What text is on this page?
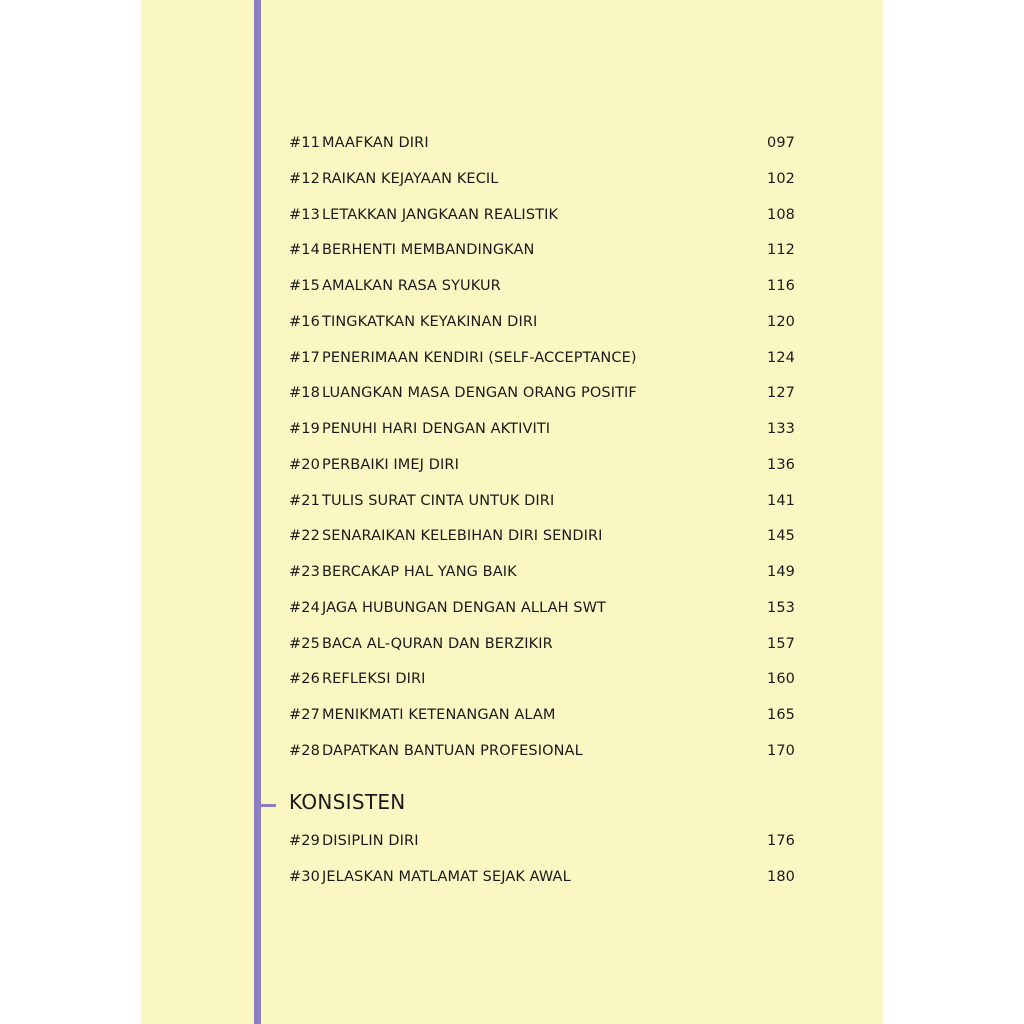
#11 MAAFKAN DIRI	097
#12 RAIKAN KEJAYAAN KECIL	102
#13 LETAKKAN JANGKAAN REALISTIK	108
#14 BERHENTI MEMBANDINGKAN	112
#15 AMALKAN RASA SYUKUR	116
#16 TINGKATKAN KEYAKINAN DIRI	120
#17 PENERIMAAN KENDIRI (SELF-ACCEPTANCE)	124
#18 LUANGKAN MASA DENGAN ORANG POSITIF	127
#19 PENUHI HARI DENGAN AKTIVITI	133
#20 PERBAIKI IMEJ DIRI	136
#21 TULIS SURAT CINTA UNTUK DIRI	141
#22 SENARAIKAN KELEBIHAN DIRI SENDIRI	145
#23 BERCAKAP HAL YANG BAIK	149
#24 JAGA HUBUNGAN DENGAN ALLAH SWT	153
#25 BACA AL-QURAN DAN BERZIKIR	157
#26 REFLEKSI DIRI	160
#27 MENIKMATI KETENANGAN ALAM	165
#28 DAPATKAN BANTUAN PROFESIONAL	170
KONSISTEN
#29 DISIPLIN DIRI	176
#30 JELASKAN MATLAMAT SEJAK AWAL	180
